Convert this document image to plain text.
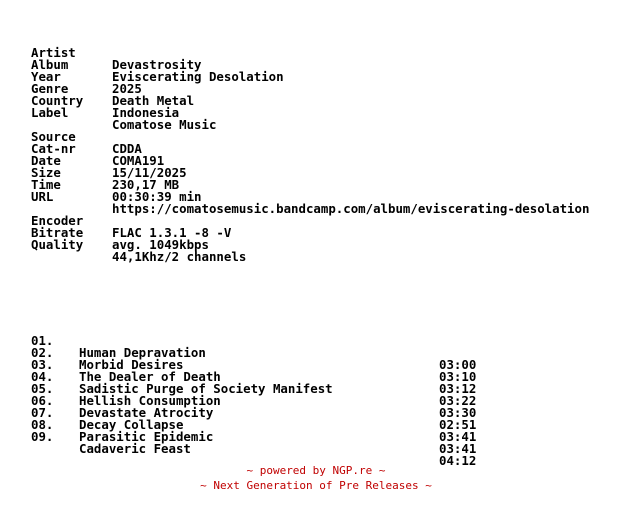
Artist

Devastrosity

Album

Eviscerating Desolation

Year

2025

Genre

Death Metal

Country

Indonesia

Label

Comatose Music

Source

CDDA

Cat-nr

COMA191

Date

15/11/2025

Size

230,17 MB

Time

00:30:39 min

URL

https://comatosemusic.bandcamp.com/album/eviscerating-desolation

Encoder

FLAC 1.3.1 -8 -V

Bitrate

avg. 1049kbps

Quality

44,1Khz/2 channels

01.

Human Depravation

03:00

02.

Morbid Desires

03:10

03.

The Dealer of Death

03:12

04.

Sadistic Purge of Society Manifest

03:22

05.

Hellish Consumption

03:30

06.

Devastate Atrocity

02:51

07.

Decay Collapse

03:41

08.

Parasitic Epidemic

03:41

09.

Cadaveric Feast

04:12

~ powered by NGP.re ~
~ Next Generation of Pre Releases ~
